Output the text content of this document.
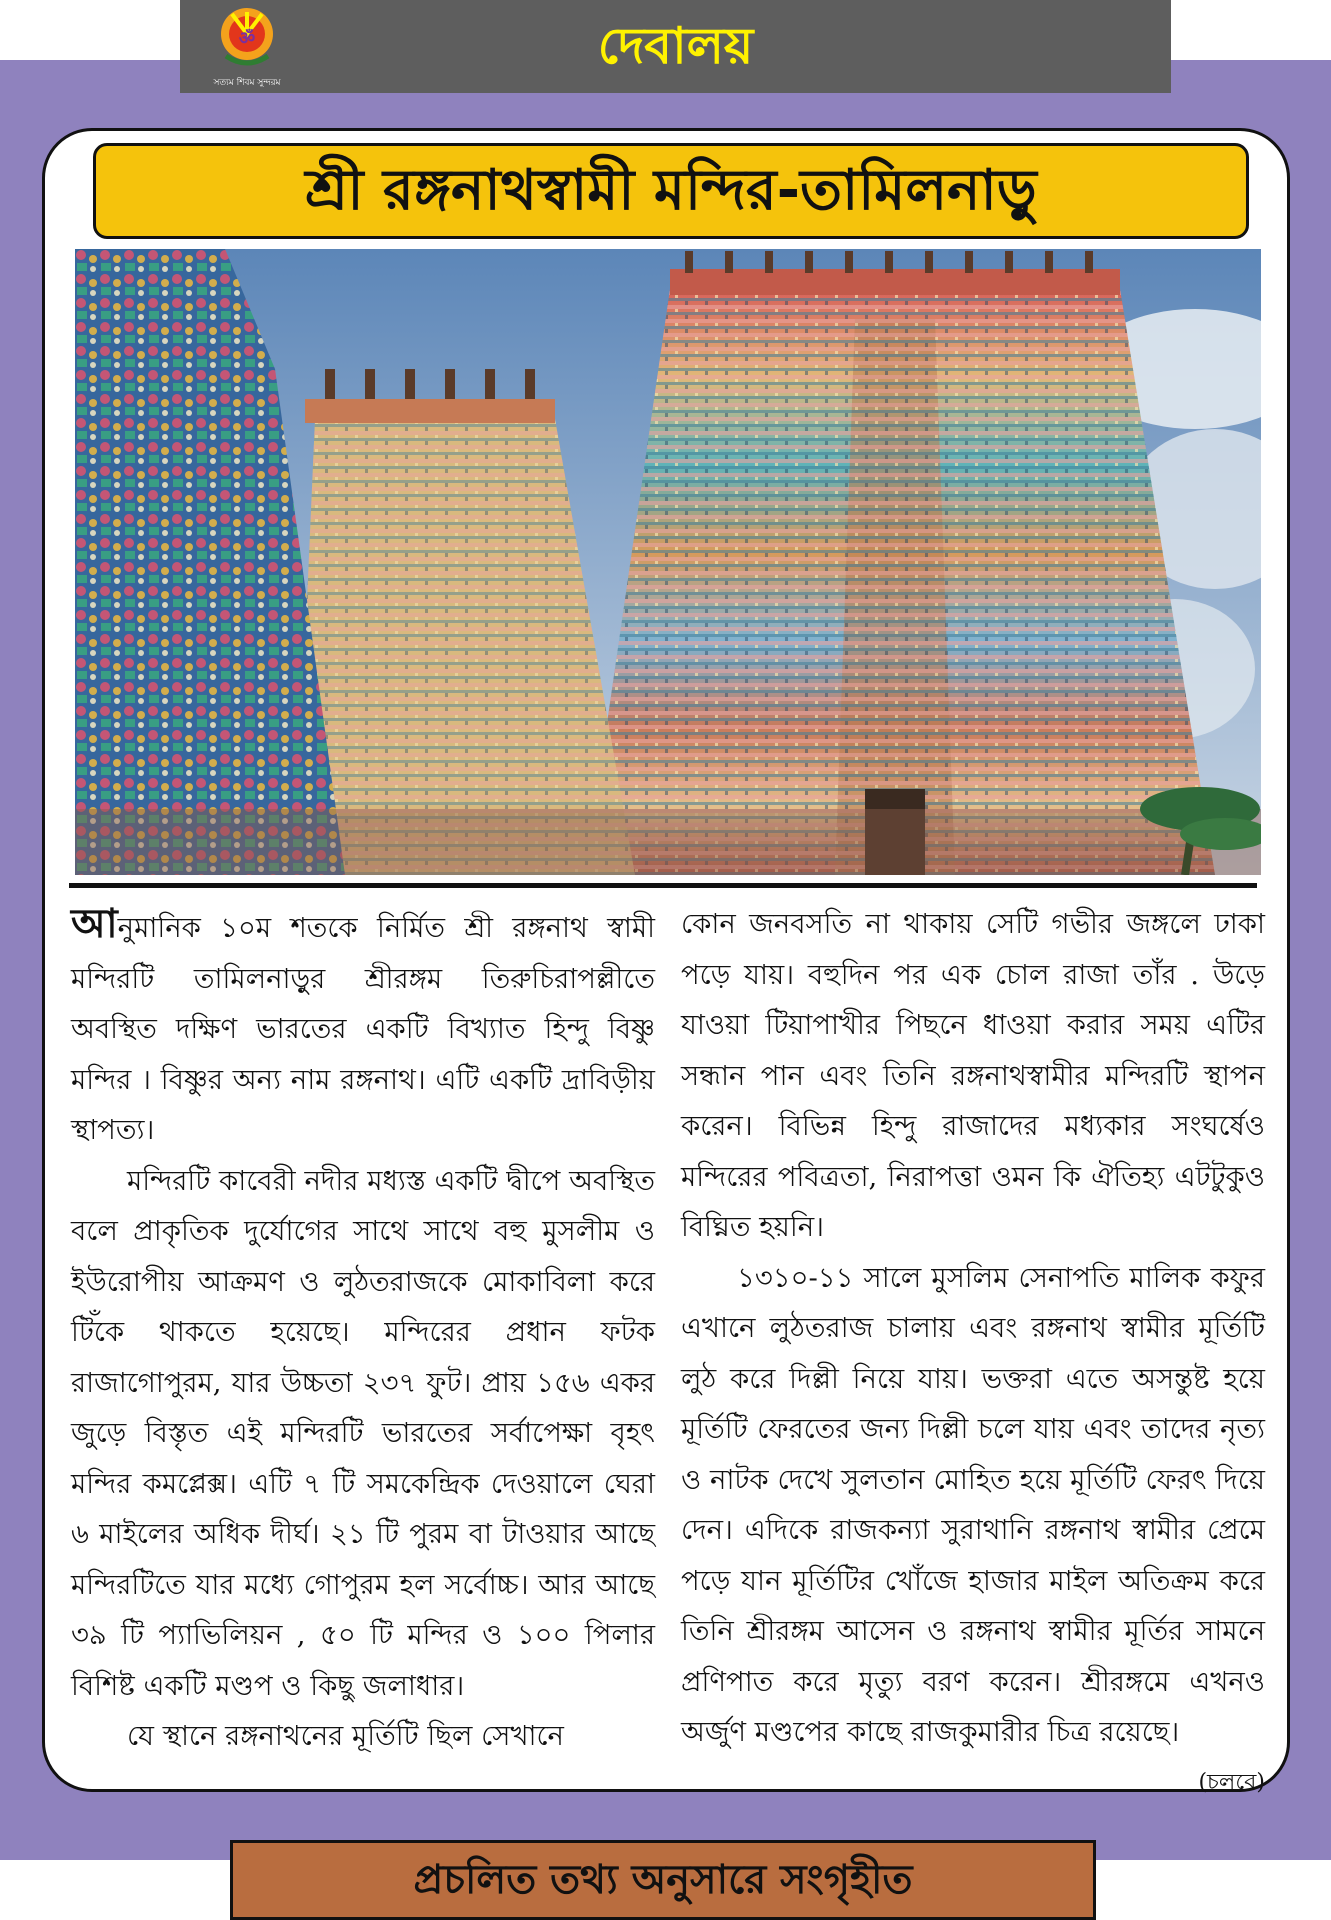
ॐ
সত্যম শিবম সুন্দরম
দেবালয়
শ্রী রঙ্গনাথস্বামী মন্দির-তামিলনাড়ু

আনুমানিক ১০ম শতকে নির্মিত শ্রী রঙ্গনাথ স্বামী মন্দিরটি তামিলনাড়ুর শ্রীরঙ্গম তিরুচিরাপল্লীতে অবস্থিত দক্ষিণ ভারতের একটি বিখ্যাত হিন্দু বিষ্ণু মন্দির । বিষ্ণুর অন্য নাম রঙ্গনাথ। এটি একটি দ্রাবিড়ীয় স্থাপত্য।

মন্দিরটি কাবেরী নদীর মধ্যস্ত একটি দ্বীপে অবস্থিত বলে প্রাকৃতিক দুর্যোগের সাথে সাথে বহু মুসলীম ও ইউরোপীয় আক্রমণ ও লুঠতরাজকে মোকাবিলা করে টিঁকে থাকতে হয়েছে। মন্দিরের প্রধান ফটক রাজাগোপুরম, যার উচ্চতা ২৩৭ ফুট। প্রায় ১৫৬ একর জুড়ে বিস্তৃত এই মন্দিরটি ভারতের সর্বাপেক্ষা বৃহৎ মন্দির কমপ্লেক্স। এটি ৭ টি সমকেন্দ্রিক দেওয়ালে ঘেরা ৬ মাইলের অধিক দীর্ঘ। ২১ টি পুরম বা টাওয়ার আছে মন্দিরটিতে যার মধ্যে গোপুরম হল সর্বোচ্চ। আর আছে ৩৯ টি প্যাভিলিয়ন , ৫০ টি মন্দির ও ১০০ পিলার বিশিষ্ট একটি মণ্ডপ ও কিছু জলাধার।

যে স্থানে রঙ্গনাথনের মূর্তিটি ছিল সেখানে

কোন জনবসতি না থাকায় সেটি গভীর জঙ্গলে ঢাকা পড়ে যায়। বহুদিন পর এক চোল রাজা তাঁর . উড়ে যাওয়া টিয়াপাখীর পিছনে ধাওয়া করার সময় এটির সন্ধান পান এবং তিনি রঙ্গনাথস্বামীর মন্দিরটি স্থাপন করেন। বিভিন্ন হিন্দু রাজাদের মধ্যকার সংঘর্ষেও মন্দিরের পবিত্রতা, নিরাপত্তা ওমন কি ঐতিহ্য এটটুকুও বিঘ্নিত হয়নি।

১৩১০-১১ সালে মুসলিম সেনাপতি মালিক কফুর এখানে লুঠতরাজ চালায় এবং রঙ্গনাথ স্বামীর মূর্তিটি লুঠ করে দিল্লী নিয়ে যায়। ভক্তরা এতে অসন্তুষ্ট হয়ে মূর্তিটি ফেরতের জন্য দিল্লী চলে যায় এবং তাদের নৃত্য ও নাটক দেখে সুলতান মোহিত হয়ে মূর্তিটি ফেরৎ দিয়ে দেন। এদিকে রাজকন্যা সুরাথানি রঙ্গনাথ স্বামীর প্রেমে পড়ে যান মূর্তিটির খোঁজে হাজার মাইল অতিক্রম করে তিনি শ্রীরঙ্গম আসেন ও রঙ্গনাথ স্বামীর মূর্তির সামনে প্রণিপাত করে মৃত্যু বরণ করেন। শ্রীরঙ্গমে এখনও অর্জুণ মণ্ডপের কাছে রাজকুমারীর চিত্র রয়েছে।
(চলবে)

প্রচলিত তথ্য অনুসারে সংগৃহীত
